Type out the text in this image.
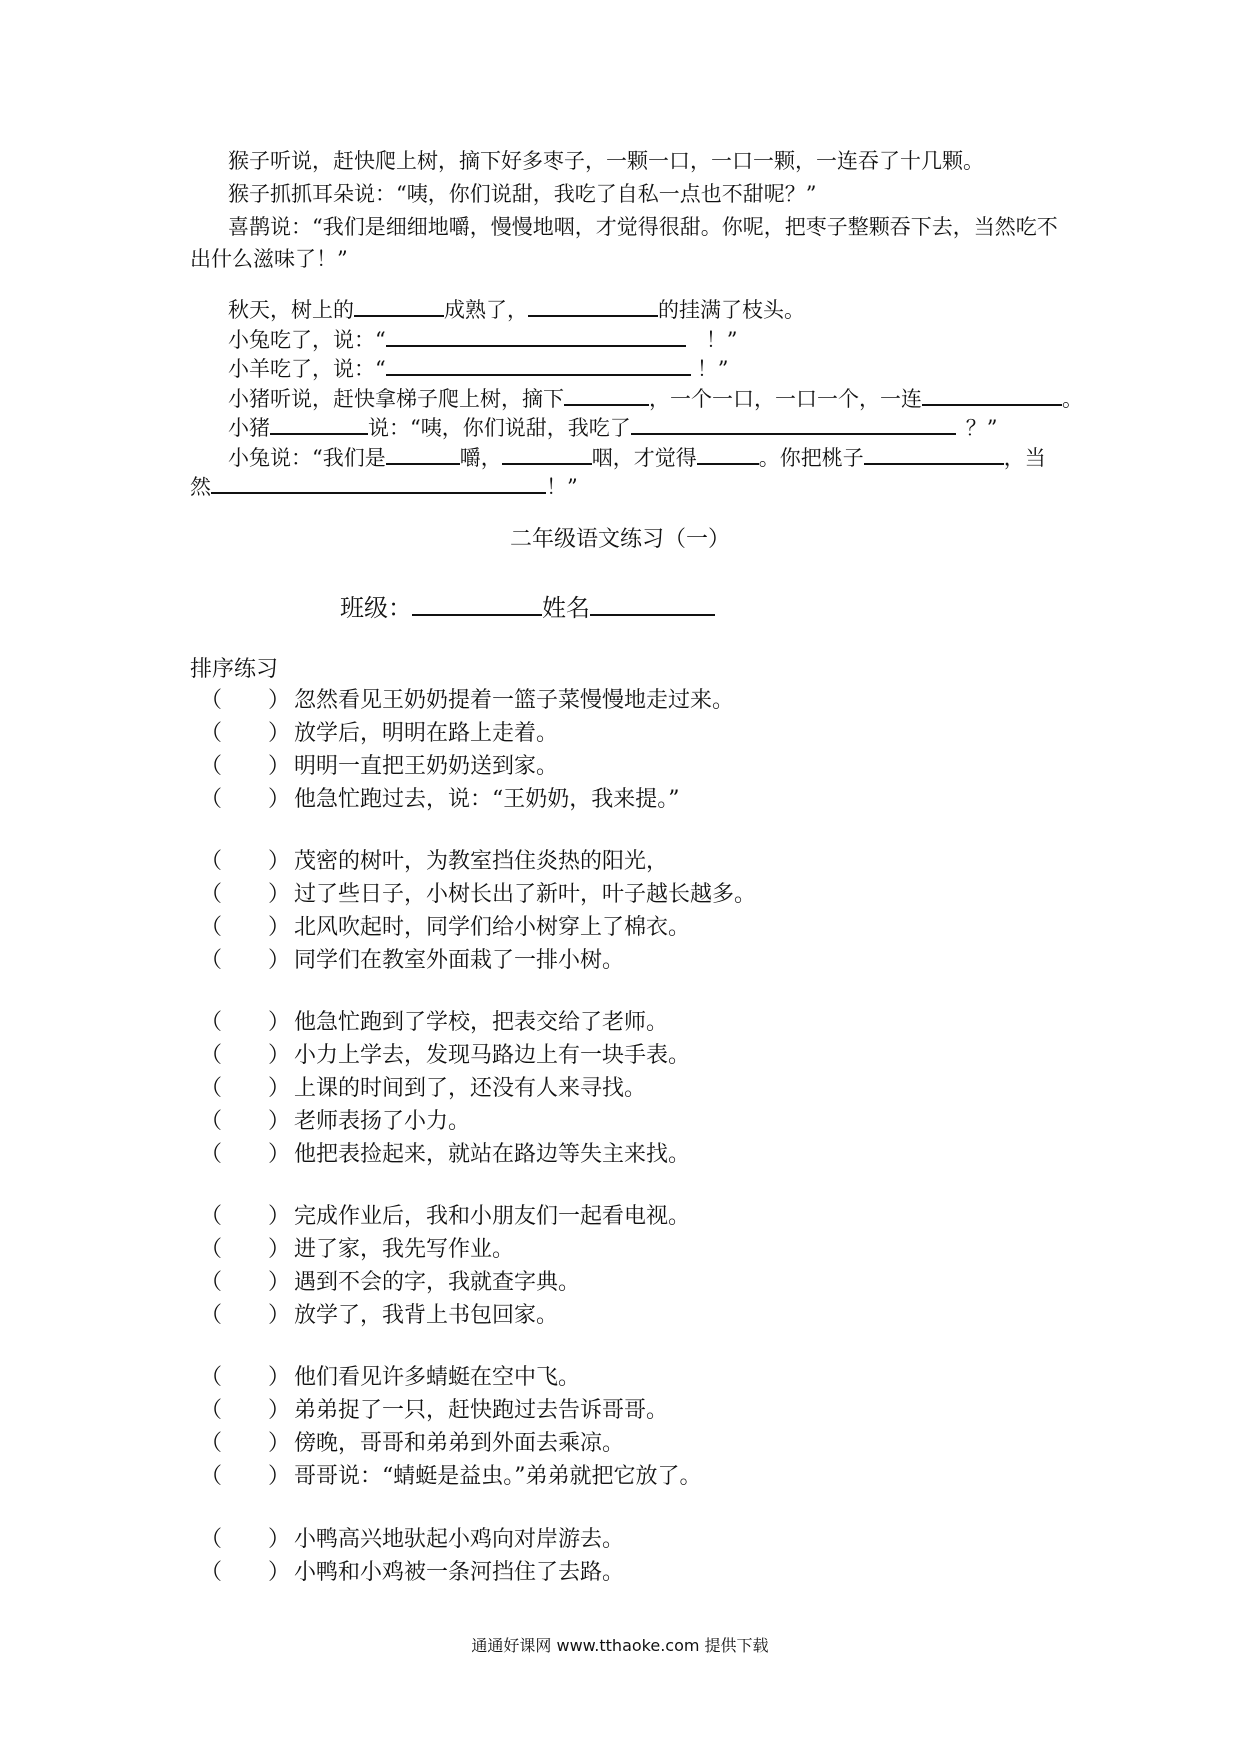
猴子听说，赶快爬上树，摘下好多枣子，一颗一口，一口一颗，一连吞了十几颗。
猴子抓抓耳朵说：“咦，你们说甜，我吃了自私一点也不甜呢？”
喜鹊说：“我们是细细地嚼，慢慢地咽，才觉得很甜。你呢，把枣子整颗吞下去，当然吃不
出什么滋味了！”
秋天，树上的	成熟了，	的挂满了枝头。
小兔吃了，说：“	！”
小羊吃了，说：“	！”
小猪听说，赶快拿梯子爬上树，摘下	，一个一口，一口一个，一连	。
小猪	说：“咦，你们说甜，我吃了	？”
小兔说：“我们是	嚼，	咽，才觉得	。你把桃子	，当
然	！”
二年级语文练习（一）
班级：	姓名
排序练习
（ ） 忽然看见王奶奶提着一篮子菜慢慢地走过来。
（ ） 放学后，明明在路上走着。
（ ） 明明一直把王奶奶送到家。
（ ） 他急忙跑过去，说：“王奶奶，我来提。”
（ ） 茂密的树叶，为教室挡住炎热的阳光，
（ ） 过了些日子，小树长出了新叶，叶子越长越多。
（ ） 北风吹起时，同学们给小树穿上了棉衣。
（ ） 同学们在教室外面栽了一排小树。
（ ） 他急忙跑到了学校，把表交给了老师。
（ ） 小力上学去，发现马路边上有一块手表。
（ ） 上课的时间到了，还没有人来寻找。
（ ） 老师表扬了小力。
（ ） 他把表捡起来，就站在路边等失主来找。
（ ） 完成作业后，我和小朋友们一起看电视。
（ ） 进了家，我先写作业。
（ ） 遇到不会的字，我就查字典。
（ ） 放学了，我背上书包回家。
（ ） 他们看见许多蜻蜓在空中飞。
（ ） 弟弟捉了一只，赶快跑过去告诉哥哥。
（ ） 傍晚，哥哥和弟弟到外面去乘凉。
（ ） 哥哥说：“蜻蜓是益虫。”弟弟就把它放了。
（ ） 小鸭高兴地驮起小鸡向对岸游去。
（ ） 小鸭和小鸡被一条河挡住了去路。
通通好课网 www.tthaoke.com 提供下载
